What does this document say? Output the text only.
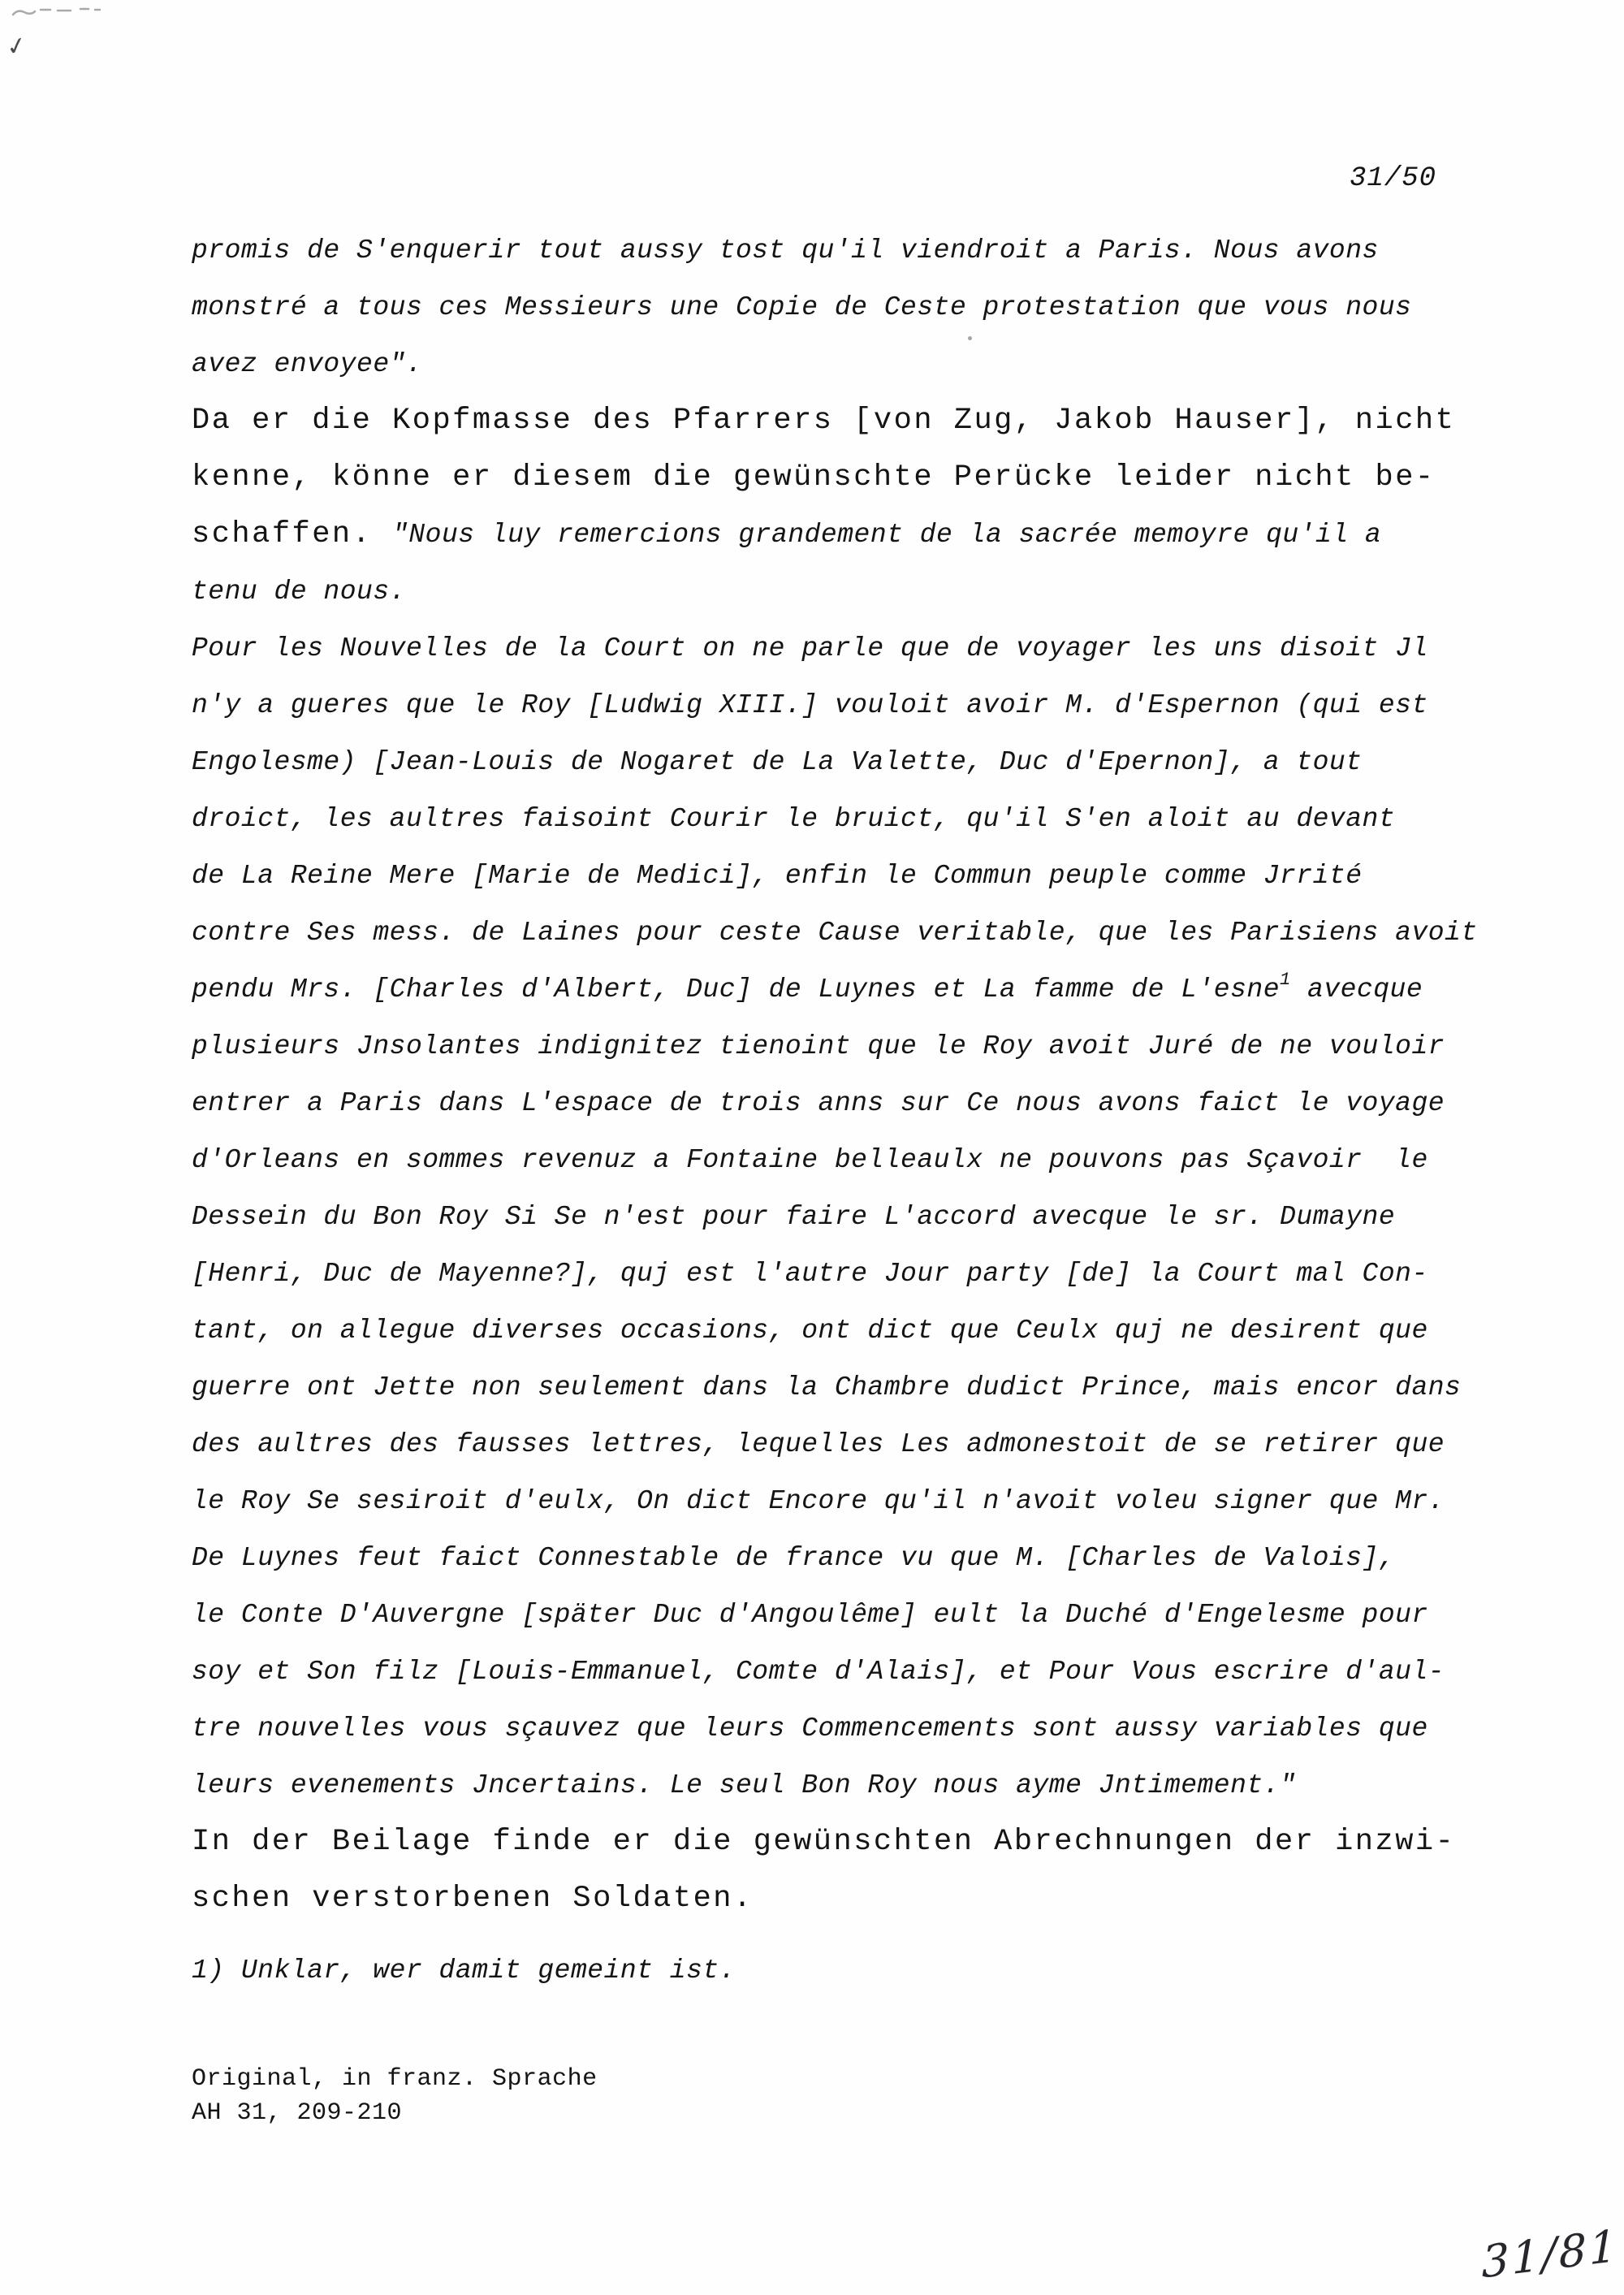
✓
31/50
promis de S'enquerir tout aussy tost qu'il viendroit a Paris. Nous avons
monstré a tous ces Messieurs une Copie de Ceste protestation que vous nous
avez envoyee".
Da er die Kopfmasse des Pfarrers [von Zug, Jakob Hauser], nicht
kenne, könne er diesem die gewünschte Perücke leider nicht be-
schaffen. "Nous luy remercions grandement de la sacrée memoyre qu'il a
tenu de nous.
Pour les Nouvelles de la Court on ne parle que de voyager les uns disoit Jl
n'y a gueres que le Roy [Ludwig XIII.] vouloit avoir M. d'Espernon (qui est
Engolesme) [Jean-Louis de Nogaret de La Valette, Duc d'Epernon], a tout
droict, les aultres faisoint Courir le bruict, qu'il S'en aloit au devant
de La Reine Mere [Marie de Medici], enfin le Commun peuple comme Jrrité
contre Ses mess. de Laines pour ceste Cause veritable, que les Parisiens avoit
pendu Mrs. [Charles d'Albert, Duc] de Luynes et La famme de L'esne1 avecque
plusieurs Jnsolantes indignitez tienoint que le Roy avoit Juré de ne vouloir
entrer a Paris dans L'espace de trois anns sur Ce nous avons faict le voyage
d'Orleans en sommes revenuz a Fontaine belleaulx ne pouvons pas Sçavoir  le
Dessein du Bon Roy Si Se n'est pour faire L'accord avecque le sr. Dumayne
[Henri, Duc de Mayenne?], quj est l'autre Jour party [de] la Court mal Con-
tant, on allegue diverses occasions, ont dict que Ceulx quj ne desirent que
guerre ont Jette non seulement dans la Chambre dudict Prince, mais encor dans
des aultres des fausses lettres, lequelles Les admonestoit de se retirer que
le Roy Se sesiroit d'eulx, On dict Encore qu'il n'avoit voleu signer que Mr.
De Luynes feut faict Connestable de france vu que M. [Charles de Valois],
le Conte D'Auvergne [später Duc d'Angoulême] eult la Duché d'Engelesme pour
soy et Son filz [Louis-Emmanuel, Comte d'Alais], et Pour Vous escrire d'aul-
tre nouvelles vous sçauvez que leurs Commencements sont aussy variables que
leurs evenements Jncertains. Le seul Bon Roy nous ayme Jntimement."
In der Beilage finde er die gewünschten Abrechnungen der inzwi-
schen verstorbenen Soldaten.
1) Unklar, wer damit gemeint ist.
Original, in franz. Sprache
AH 31, 209-210
31/81
